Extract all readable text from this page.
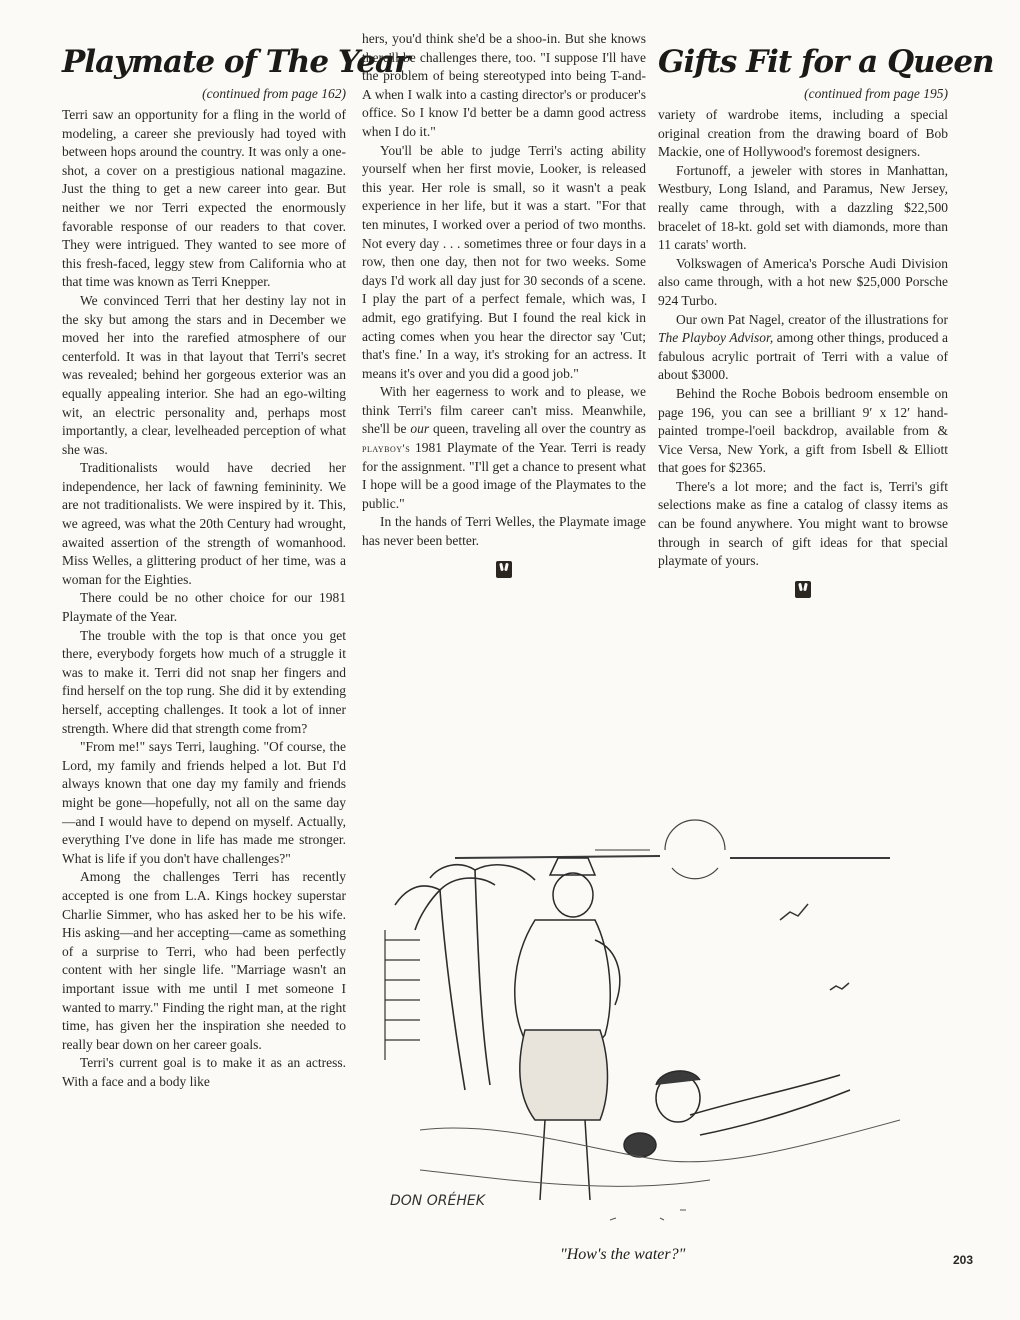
Playmate of The Year
(continued from page 162)

Terri saw an opportunity for a fling in the world of modeling, a career she previously had toyed with between hops around the country. It was only a one-shot, a cover on a prestigious national magazine. Just the thing to get a new career into gear. But neither we nor Terri expected the enormously favorable response of our readers to that cover. They were intrigued. They wanted to see more of this fresh-faced, leggy stew from California who at that time was known as Terri Knepper.

We convinced Terri that her destiny lay not in the sky but among the stars and in December we moved her into the rarefied atmosphere of our centerfold. It was in that layout that Terri's secret was revealed; behind her gorgeous exterior was an equally appealing interior. She had an ego-wilting wit, an electric personality and, perhaps most importantly, a clear, levelheaded perception of what she was.

Traditionalists would have decried her independence, her lack of fawning femininity. We are not traditionalists. We were inspired by it. This, we agreed, was what the 20th Century had wrought, awaited assertion of the strength of womanhood. Miss Welles, a glittering product of her time, was a woman for the Eighties.

There could be no other choice for our 1981 Playmate of the Year.

The trouble with the top is that once you get there, everybody forgets how much of a struggle it was to make it. Terri did not snap her fingers and find herself on the top rung. She did it by extending herself, accepting challenges. It took a lot of inner strength. Where did that strength come from?

"From me!" says Terri, laughing. "Of course, the Lord, my family and friends helped a lot. But I'd always known that one day my family and friends might be gone—hopefully, not all on the same day—and I would have to depend on myself. Actually, everything I've done in life has made me stronger. What is life if you don't have challenges?"

Among the challenges Terri has recently accepted is one from L.A. Kings hockey superstar Charlie Simmer, who has asked her to be his wife. His asking—and her accepting—came as something of a surprise to Terri, who had been perfectly content with her single life. "Marriage wasn't an important issue with me until I met someone I wanted to marry." Finding the right man, at the right time, has given her the inspiration she needed to really bear down on her career goals.

Terri's current goal is to make it as an actress. With a face and a body like

hers, you'd think she'd be a shoo-in. But she knows there'll be challenges there, too. "I suppose I'll have the problem of being stereotyped into being T-and-A when I walk into a casting director's or producer's office. So I know I'd better be a damn good actress when I do it."

You'll be able to judge Terri's acting ability yourself when her first movie, Looker, is released this year. Her role is small, so it wasn't a peak experience in her life, but it was a start. "For that ten minutes, I worked over a period of two months. Not every day . . . sometimes three or four days in a row, then one day, then not for two weeks. Some days I'd work all day just for 30 seconds of a scene. I play the part of a perfect female, which was, I admit, ego gratifying. But I found the real kick in acting comes when you hear the director say 'Cut; that's fine.' In a way, it's stroking for an actress. It means it's over and you did a good job."

With her eagerness to work and to please, we think Terri's film career can't miss. Meanwhile, she'll be our queen, traveling all over the country as playboy's 1981 Playmate of the Year. Terri is ready for the assignment. "I'll get a chance to present what I hope will be a good image of the Playmates to the public."

In the hands of Terri Welles, the Playmate image has never been better.

Gifts Fit for a Queen
(continued from page 195)

variety of wardrobe items, including a special original creation from the drawing board of Bob Mackie, one of Hollywood's foremost designers.

Fortunoff, a jeweler with stores in Manhattan, Westbury, Long Island, and Paramus, New Jersey, really came through, with a dazzling $22,500 bracelet of 18-kt. gold set with diamonds, more than 11 carats' worth.

Volkswagen of America's Porsche Audi Division also came through, with a hot new $25,000 Porsche 924 Turbo.

Our own Pat Nagel, creator of the illustrations for The Playboy Advisor, among other things, produced a fabulous acrylic portrait of Terri with a value of about $3000.

Behind the Roche Bobois bedroom ensemble on page 196, you can see a brilliant 9′ x 12′ hand-painted trompe-l'oeil backdrop, available from & Vice Versa, New York, a gift from Isbell & Elliott that goes for $2365.

There's a lot more; and the fact is, Terri's gift selections make as fine a catalog of classy items as can be found anywhere. You might want to browse through in search of gift ideas for that special playmate of yours.

DON ORÉHEK
"How's the water?"	203
